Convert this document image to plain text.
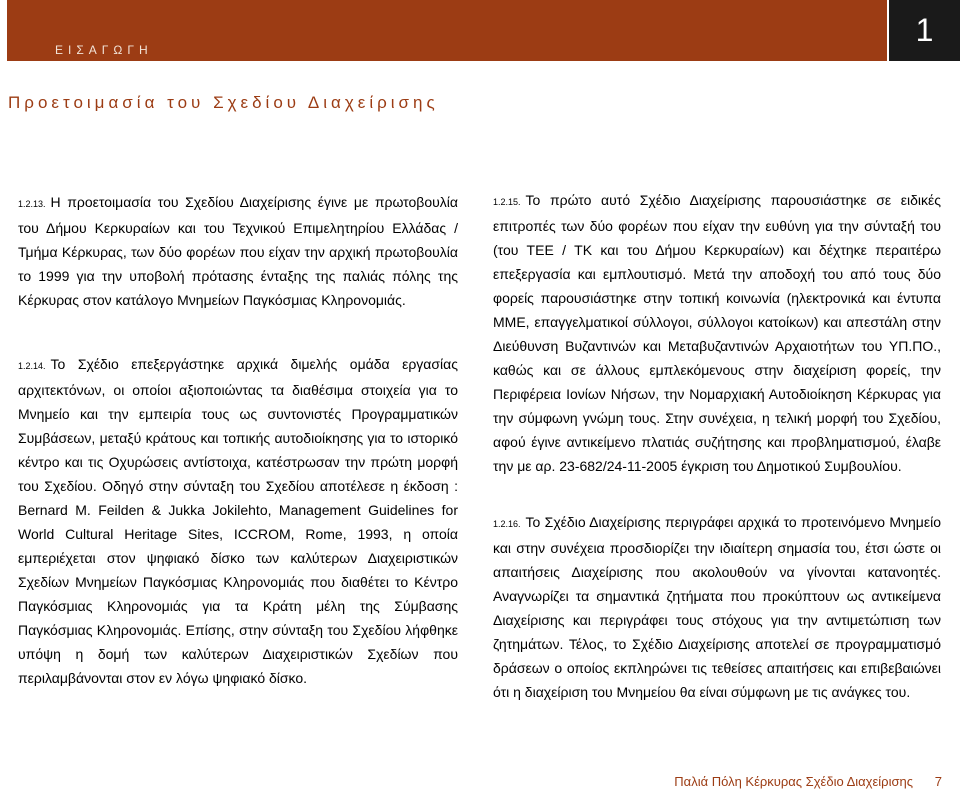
ΕΙΣΑΓΩΓΗ
1
Προετοιμασία του Σχεδίου Διαχείρισης
1.2.13. Η προετοιμασία του Σχεδίου Διαχείρισης έγινε με πρωτοβουλία του Δήμου Κερκυραίων και του Τεχνικού Επιμελητηρίου Ελλάδας / Τμήμα Κέρκυρας, των δύο φορέων που είχαν την αρχική πρωτοβουλία το 1999 για την υποβολή πρότασης ένταξης της παλιάς πόλης της Κέρκυρας στον κατάλογο Μνημείων Παγκόσμιας Κληρονομιάς.
1.2.14. Το Σχέδιο επεξεργάστηκε αρχικά διμελής ομάδα εργασίας αρχιτεκτόνων, οι οποίοι αξιοποιώντας τα διαθέσιμα στοιχεία για το Μνημείο και την εμπειρία τους ως συντονιστές Προγραμματικών Συμβάσεων, μεταξύ κράτους και τοπικής αυτοδιοίκησης για το ιστορικό κέντρο και τις Οχυρώσεις αντίστοιχα, κατέστρωσαν την πρώτη μορφή του Σχεδίου. Οδηγό στην σύνταξη του Σχεδίου αποτέλεσε η έκδοση : Bernard M. Feilden & Jukka Jokilehto, Management Guidelines for World Cultural Heritage Sites, ICCROM, Rome, 1993, η οποία εμπεριέχεται στον ψηφιακό δίσκο των καλύτερων Διαχειριστικών Σχεδίων Μνημείων Παγκόσμιας Κληρονομιάς που διαθέτει το Κέντρο Παγκόσμιας Κληρονομιάς για τα Κράτη μέλη της Σύμβασης Παγκόσμιας Κληρονομιάς. Επίσης, στην σύνταξη του Σχεδίου λήφθηκε υπόψη η δομή των καλύτερων Διαχειριστικών Σχεδίων που περιλαμβάνονται στον εν λόγω ψηφιακό δίσκο.
1.2.15. Το πρώτο αυτό Σχέδιο Διαχείρισης παρουσιάστηκε σε ειδικές επιτροπές των δύο φορέων που είχαν την ευθύνη για την σύνταξή του (του ΤΕΕ / ΤΚ και του Δήμου Κερκυραίων) και δέχτηκε περαιτέρω επεξεργασία και εμπλουτισμό. Μετά την αποδοχή του από τους δύο φορείς παρουσιάστηκε στην τοπική κοινωνία (ηλεκτρονικά και έντυπα ΜΜΕ, επαγγελματικοί σύλλογοι, σύλλογοι κατοίκων) και απεστάλη στην Διεύθυνση Βυζαντινών και Μεταβυζαντινών Αρχαιοτήτων του ΥΠ.ΠΟ., καθώς και σε άλλους εμπλεκόμενους στην διαχείριση φορείς, την Περιφέρεια Ιονίων Νήσων, την Νομαρχιακή Αυτοδιοίκηση Κέρκυρας για την σύμφωνη γνώμη τους. Στην συνέχεια, η τελική μορφή του Σχεδίου, αφού έγινε αντικείμενο πλατιάς συζήτησης και προβληματισμού, έλαβε την με αρ. 23-682/24-11-2005 έγκριση του Δημοτικού Συμβουλίου.
1.2.16. Το Σχέδιο Διαχείρισης περιγράφει αρχικά το προτεινόμενο Μνημείο και στην συνέχεια προσδιορίζει την ιδιαίτερη σημασία του, έτσι ώστε οι απαιτήσεις Διαχείρισης που ακολουθούν να γίνονται κατανοητές. Αναγνωρίζει τα σημαντικά ζητήματα που προκύπτουν ως αντικείμενα Διαχείρισης και περιγράφει τους στόχους για την αντιμετώπιση των ζητημάτων. Τέλος, το Σχέδιο Διαχείρισης αποτελεί σε προγραμματισμό δράσεων ο οποίος εκπληρώνει τις τεθείσες απαιτήσεις και επιβεβαιώνει ότι η διαχείριση του Μνημείου θα είναι σύμφωνη με τις ανάγκες του.
Παλιά Πόλη Κέρκυρας Σχέδιο Διαχείρισης 7
